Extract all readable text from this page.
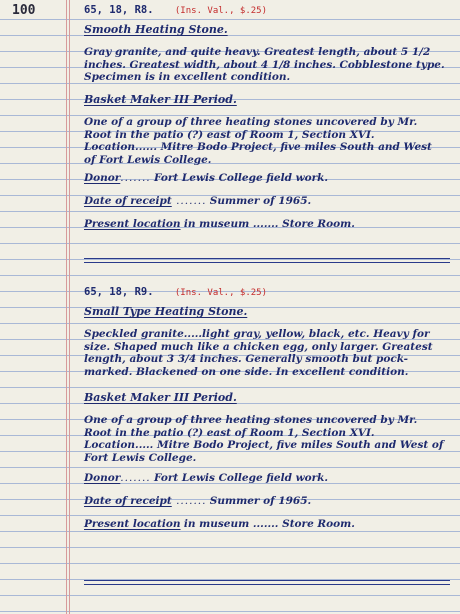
100	65, 18, R8. (Ins. Val., $.25)
Smooth Heating Stone.
Gray granite, and quite heavy. Greatest length, about 5 1/2 inches. Greatest width, about 4 1/8 inches. Cobblestone type. Specimen is in excellent condition.
Basket Maker III Period.
One of a group of three heating stones uncovered by Mr. Root in the patio (?) east of Room 1, Section XVI. Location...... Mitre Bodo Project, five miles South and West of Fort Lewis College.
Donor....... Fort Lewis College field work.
Date of receipt ....... Summer of 1965.
Present location in museum ....... Store Room.
65, 18, R9. (Ins. Val., $.25)
Small Type Heating Stone.
Speckled granite.....light gray, yellow, black, etc. Heavy for size. Shaped much like a chicken egg, only larger. Greatest length, about 3 3/4 inches. Generally smooth but pock-marked. Blackened on one side. In excellent condition.
Basket Maker III Period.
One of a group of three heating stones uncovered by Mr. Root in the patio (?) east of Room 1, Section XVI. Location..... Mitre Bodo Project, five miles South and West of Fort Lewis College.
Donor....... Fort Lewis College field work.
Date of receipt ....... Summer of 1965.
Present location in museum ....... Store Room.
